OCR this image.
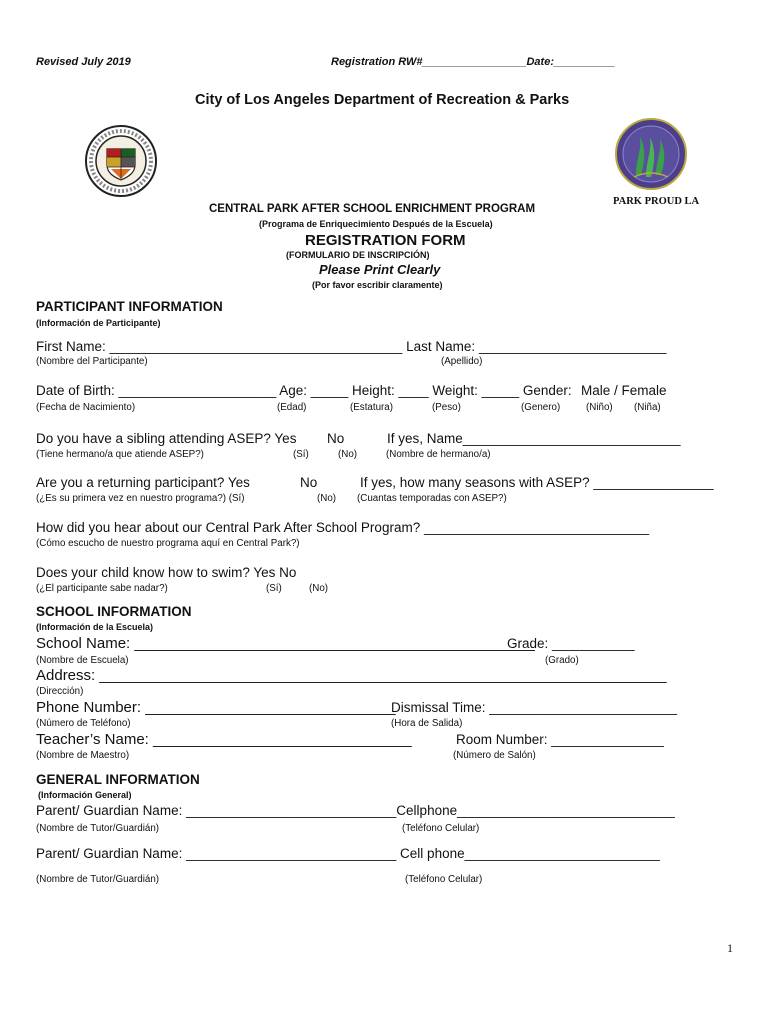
Revised July 2019	Registration RW#_________________Date:__________
City of Los Angeles Department of Recreation & Parks
PARK PROUD LA
CENTRAL PARK AFTER SCHOOL ENRICHMENT PROGRAM
(Programa de Enriquecimiento Después de la Escuela)
REGISTRATION FORM
(FORMULARIO DE INSCRIPCIÓN)
Please Print Clearly
(Por favor escribir claramente)
PARTICIPANT INFORMATION
(Información de Participante)
First Name: _______________________________________ Last Name: _________________________
(Nombre del Participante)	(Apellido)
Date of Birth: _____________________ Age: _____ Height: ____ Weight: _____ Gender: Male / Female
(Fecha de Nacimiento)	(Edad)	(Estatura)	(Peso)	(Genero)	(Niño) (Niña)
Do you have a sibling attending ASEP? Yes No	If yes, Name_____________________________
(Tiene hermano/a que atiende ASEP?)	(Sí)	(No)	(Nombre de hermano/a)
Are you a returning participant? Yes	No	If yes, how many seasons with ASEP? ________________
(¿Es su primera vez en nuestro programa?) (Sí)	(No) (Cuantas temporadas con ASEP?)
How did you hear about our Central Park After School Program? ______________________________
(Cómo escucho de nuestro programa aquí en Central Park?)
Does your child know how to swim? Yes No
(¿El participante sabe nadar?)	(Sí)	(No)
SCHOOL INFORMATION
(Información de la Escuela)
School Name: ________________________________________________
Grade: ___________
(Nombre de Escuela)	(Grado)
Address: ____________________________________________________________________
(Dirección)
Phone Number: ______________________________
Dismissal Time: _________________________
(Número de Teléfono)	(Hora de Salida)
Teacher’s Name: _______________________________	Room Number: _______________
(Nombre de Maestro)	(Número de Salón)
GENERAL INFORMATION
(Información General)
Parent/ Guardian Name: ____________________________Cellphone_____________________________
(Nombre de Tutor/Guardián)	(Teléfono Celular)
Parent/ Guardian Name: ____________________________ Cell phone__________________________
(Nombre de Tutor/Guardián)	(Teléfono Celular)
1
